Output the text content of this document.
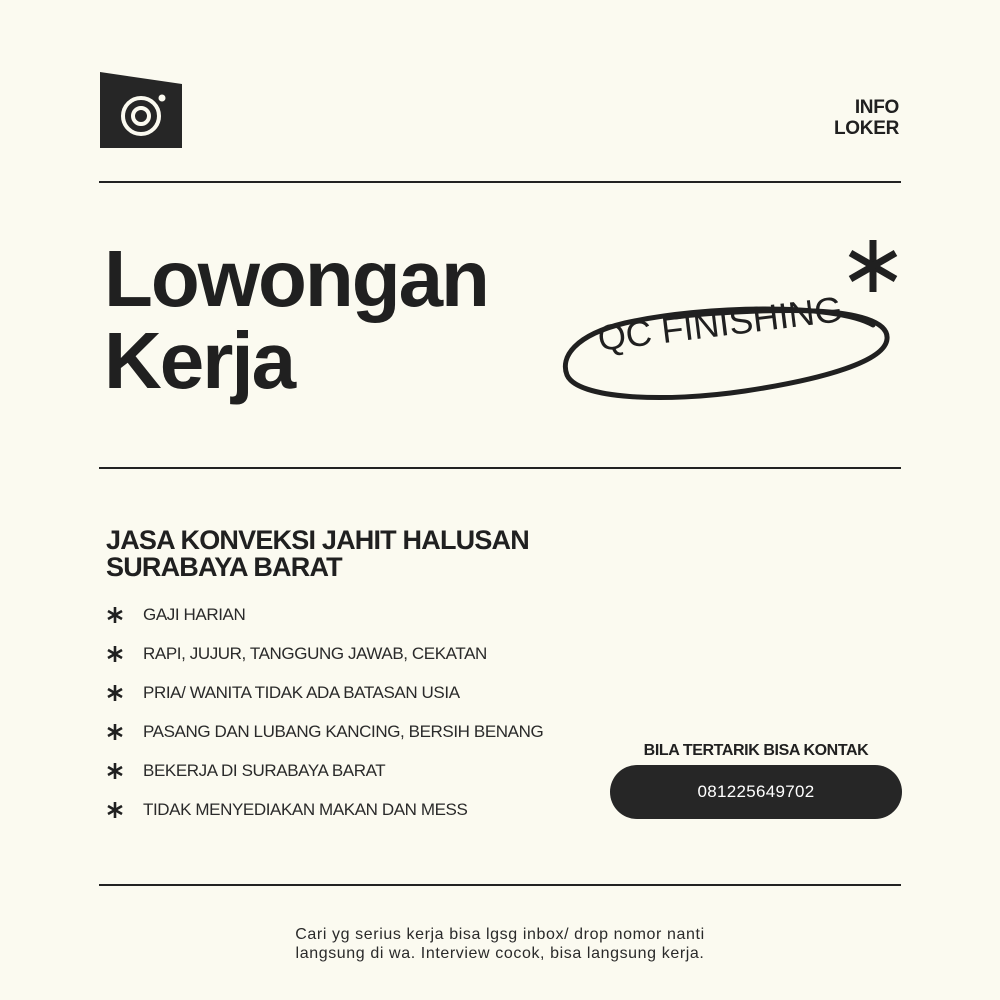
INFO
LOKER
Lowongan
Kerja	QC FINISHING
JASA KONVEKSI JAHIT HALUSAN
SURABAYA BARAT
GAJI HARIAN
RAPI, JUJUR, TANGGUNG JAWAB, CEKATAN
PRIA/ WANITA TIDAK ADA BATASAN USIA
PASANG DAN LUBANG KANCING, BERSIH BENANG
BEKERJA DI SURABAYA BARAT
TIDAK MENYEDIAKAN MAKAN DAN MESS
BILA TERTARIK BISA KONTAK
081225649702
Cari yg serius kerja bisa lgsg inbox/ drop nomor nanti
langsung di wa. Interview cocok, bisa langsung kerja.
